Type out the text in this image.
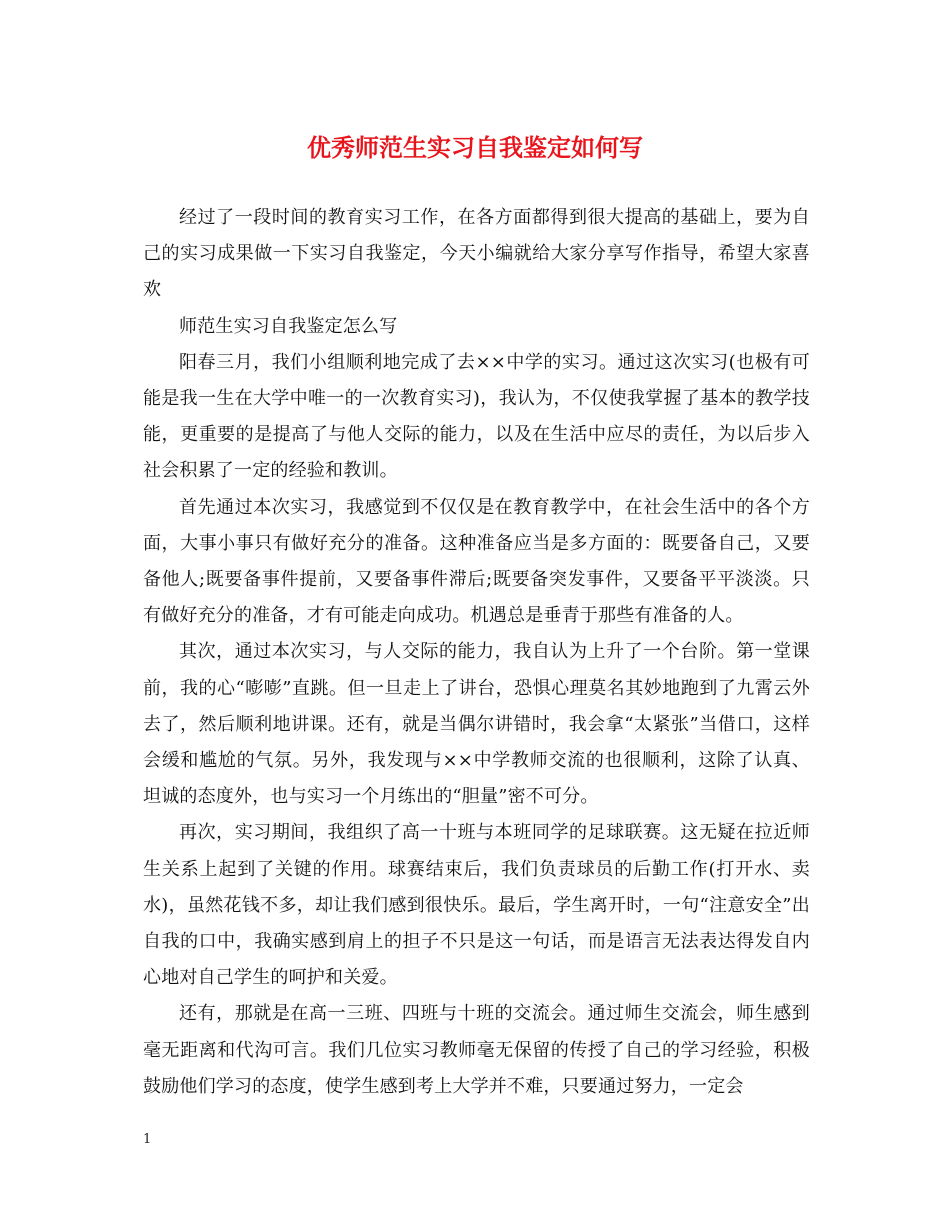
优秀师范生实习自我鉴定如何写

经过了一段时间的教育实习工作，在各方面都得到很大提高的基础上，要为自己的实习成果做一下实习自我鉴定，今天小编就给大家分享写作指导，希望大家喜欢

师范生实习自我鉴定怎么写

阳春三月，我们小组顺利地完成了去××中学的实习。通过这次实习(也极有可能是我一生在大学中唯一的一次教育实习)，我认为，不仅使我掌握了基本的教学技能，更重要的是提高了与他人交际的能力，以及在生活中应尽的责任，为以后步入社会积累了一定的经验和教训。

首先通过本次实习，我感觉到不仅仅是在教育教学中，在社会生活中的各个方面，大事小事只有做好充分的准备。这种准备应当是多方面的：既要备自己，又要备他人;既要备事件提前，又要备事件滞后;既要备突发事件，又要备平平淡淡。只有做好充分的准备，才有可能走向成功。机遇总是垂青于那些有准备的人。

其次，通过本次实习，与人交际的能力，我自认为上升了一个台阶。第一堂课前，我的心“嘭嘭”直跳。但一旦走上了讲台，恐惧心理莫名其妙地跑到了九霄云外去了，然后顺利地讲课。还有，就是当偶尔讲错时，我会拿“太紧张”当借口，这样会缓和尴尬的气氛。另外，我发现与××中学教师交流的也很顺利，这除了认真、坦诚的态度外，也与实习一个月练出的“胆量”密不可分。

再次，实习期间，我组织了高一十班与本班同学的足球联赛。这无疑在拉近师生关系上起到了关键的作用。球赛结束后，我们负责球员的后勤工作(打开水、卖水)，虽然花钱不多，却让我们感到很快乐。最后，学生离开时，一句“注意安全”出自我的口中，我确实感到肩上的担子不只是这一句话，而是语言无法表达得发自内心地对自己学生的呵护和关爱。

还有，那就是在高一三班、四班与十班的交流会。通过师生交流会，师生感到毫无距离和代沟可言。我们几位实习教师毫无保留的传授了自己的学习经验，积极鼓励他们学习的态度，使学生感到考上大学并不难，只要通过努力，一定会

1
